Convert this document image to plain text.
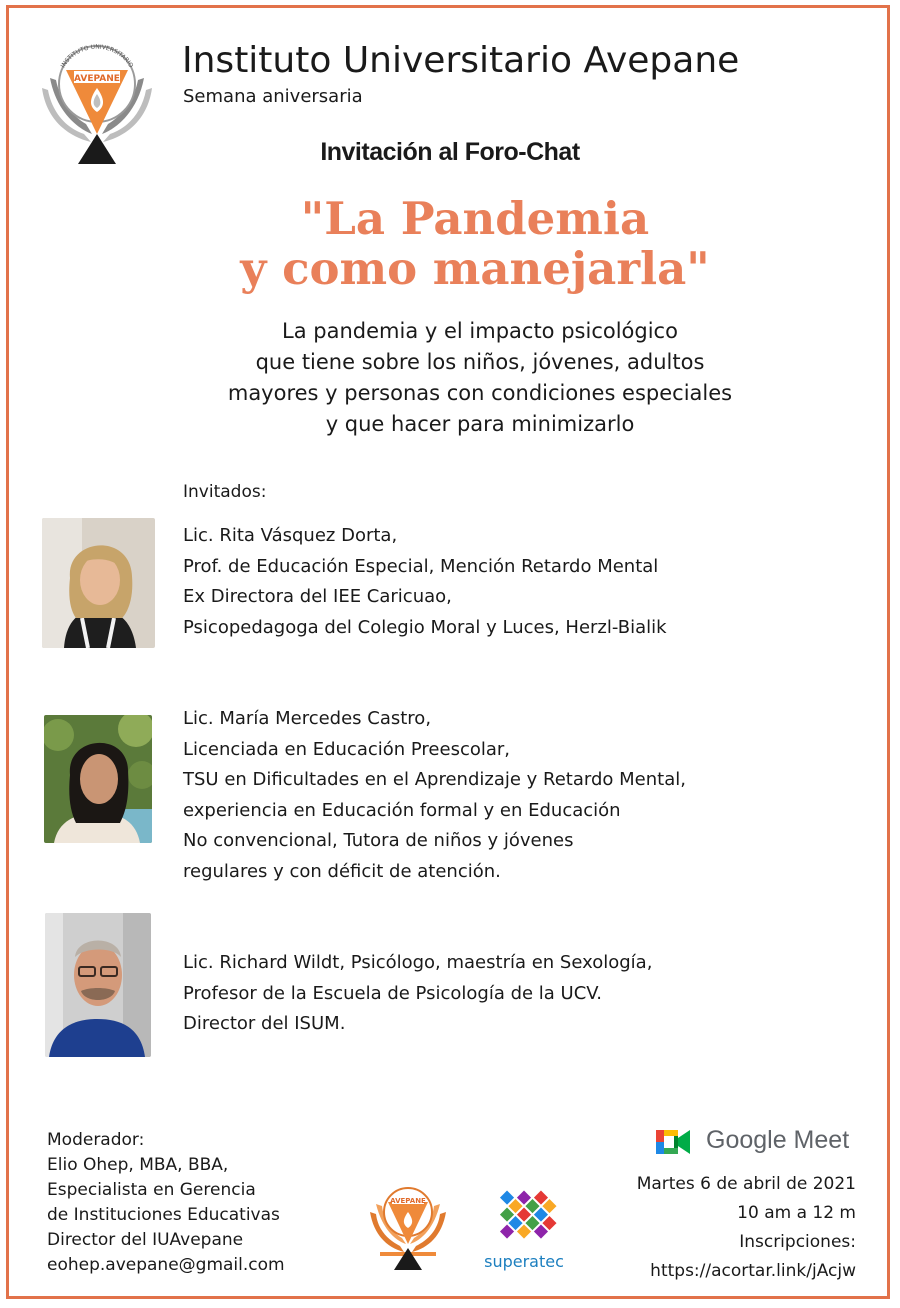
AVEPANE
INSTITUTO UNIVERSITARIO Instituto Universitario Avepane
Semana aniversaria
Invitación al Foro-Chat
"La Pandemia
y como manejarla"
La pandemia y el impacto psicológico
que tiene sobre los niños, jóvenes, adultos
mayores y personas con condiciones especiales
y que hacer para minimizarlo
Invitados:
Lic. Rita Vásquez Dorta,
Prof. de Educación Especial, Mención Retardo Mental
Ex Directora del IEE Caricuao,
Psicopedagoga del Colegio Moral y Luces, Herzl-Bialik
Lic. María Mercedes Castro,
Licenciada en Educación Preescolar,
TSU en Dificultades en el Aprendizaje y Retardo Mental,
experiencia en Educación formal y en Educación
No convencional, Tutora de niños y jóvenes
regulares y con déficit de atención.
Lic. Richard Wildt, Psicólogo, maestría en Sexología,
Profesor de la Escuela de Psicología de la UCV.
Director del ISUM.
Moderador:
Elio Ohep, MBA, BBA,
Especialista en Gerencia
de Instituciones Educativas
Director del IUAvepane
eohep.avepane@gmail.com
AVEPANE
superatec
Google Meet
Martes 6 de abril de 2021
10 am a 12 m
Inscripciones:
https://acortar.link/jAcjw
